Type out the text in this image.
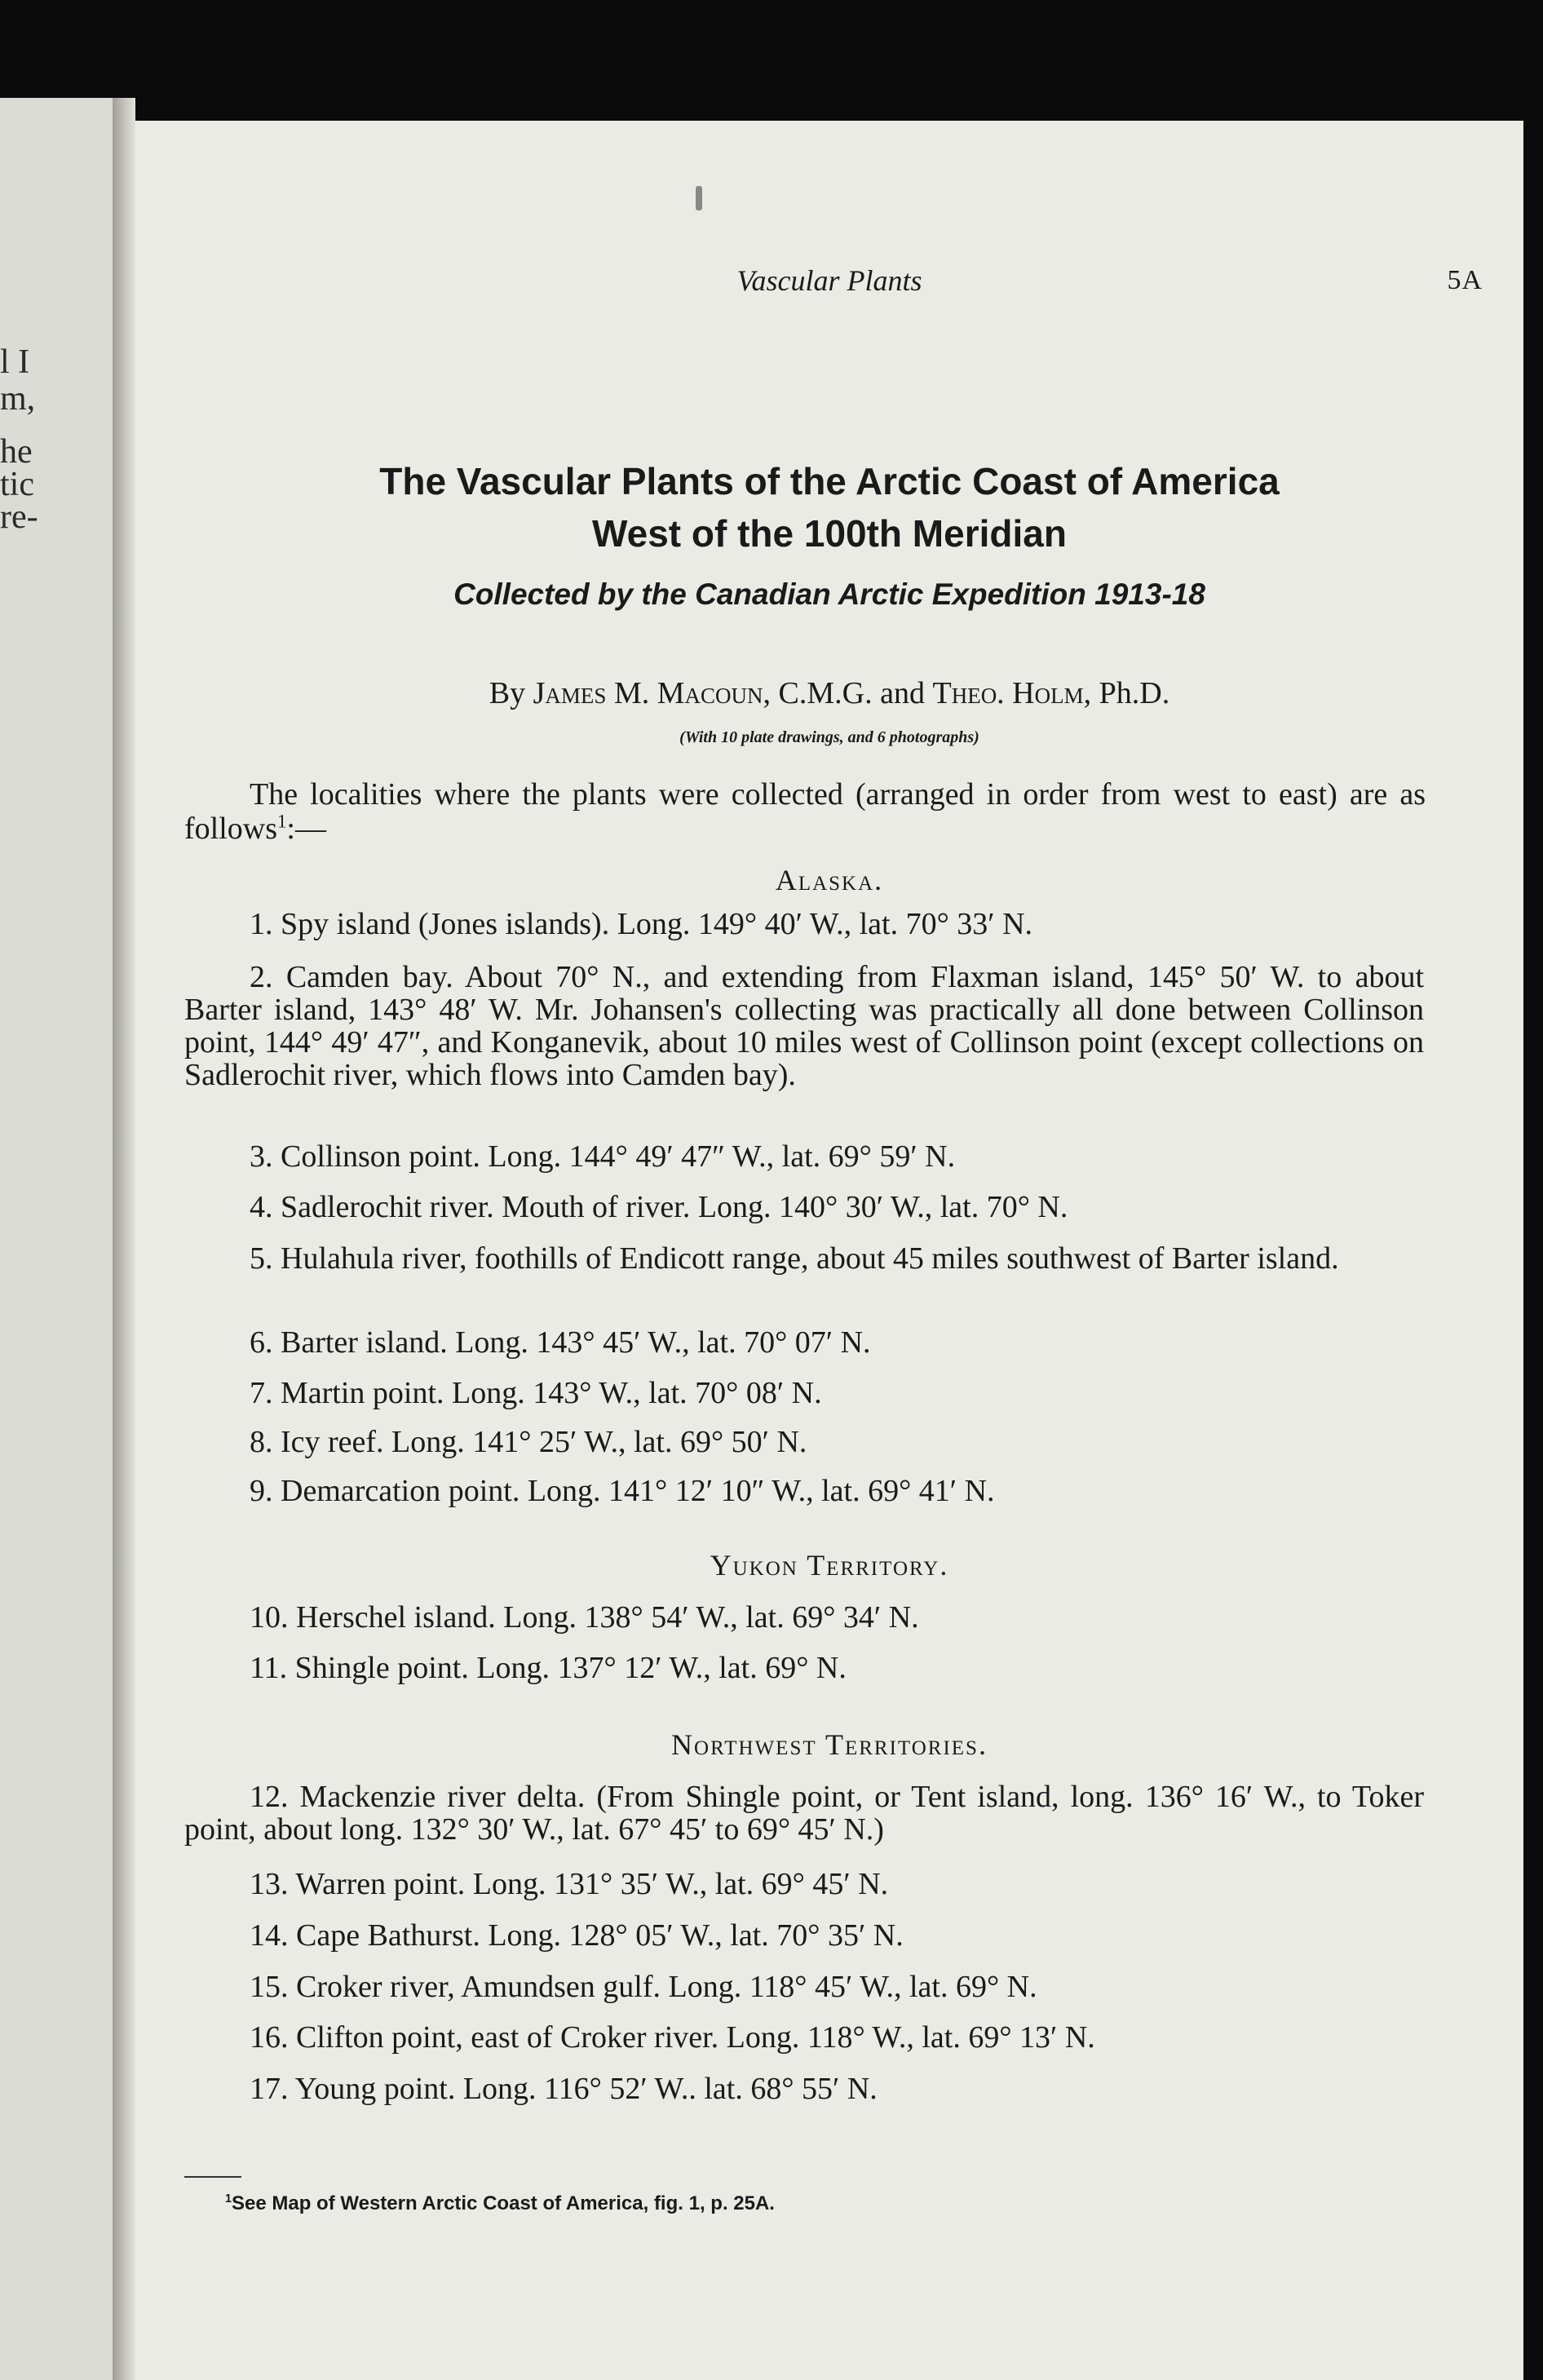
l I
m,
he
tic
re-
Vascular Plants	5A
The Vascular Plants of the Arctic Coast of America
West of the 100th Meridian
Collected by the Canadian Arctic Expedition 1913-18
By James M. Macoun, C.M.G. and Theo. Holm, Ph.D.
(With 10 plate drawings, and 6 photographs)
The localities where the plants were collected (arranged in order from west to east) are as follows$^1$:—
Alaska.
1. Spy island (Jones islands). Long. 149° 40′ W., lat. 70° 33′ N.
2. Camden bay. About 70° N., and extending from Flaxman island, 145° 50′ W. to about Barter island, 143° 48′ W. Mr. Johansen's collecting was practically all done between Collinson point, 144° 49′ 47″, and Konganevik, about 10 miles west of Collinson point (except collections on Sadlerochit river, which flows into Camden bay).
3. Collinson point. Long. 144° 49′ 47″ W., lat. 69° 59′ N.
4. Sadlerochit river. Mouth of river. Long. 140° 30′ W., lat. 70° N.
5. Hulahula river, foothills of Endicott range, about 45 miles southwest of Barter island.
6. Barter island. Long. 143° 45′ W., lat. 70° 07′ N.
7. Martin point. Long. 143° W., lat. 70° 08′ N.
8. Icy reef. Long. 141° 25′ W., lat. 69° 50′ N.
9. Demarcation point. Long. 141° 12′ 10″ W., lat. 69° 41′ N.
Yukon Territory.
10. Herschel island. Long. 138° 54′ W., lat. 69° 34′ N.
11. Shingle point. Long. 137° 12′ W., lat. 69° N.
Northwest Territories.
12. Mackenzie river delta. (From Shingle point, or Tent island, long. 136° 16′ W., to Toker point, about long. 132° 30′ W., lat. 67° 45′ to 69° 45′ N.)
13. Warren point. Long. 131° 35′ W., lat. 69° 45′ N.
14. Cape Bathurst. Long. 128° 05′ W., lat. 70° 35′ N.
15. Croker river, Amundsen gulf. Long. 118° 45′ W., lat. 69° N.
16. Clifton point, east of Croker river. Long. 118° W., lat. 69° 13′ N.
17. Young point. Long. 116° 52′ W.. lat. 68° 55′ N.
$^1$See Map of Western Arctic Coast of America, fig. 1, p. 25A.
